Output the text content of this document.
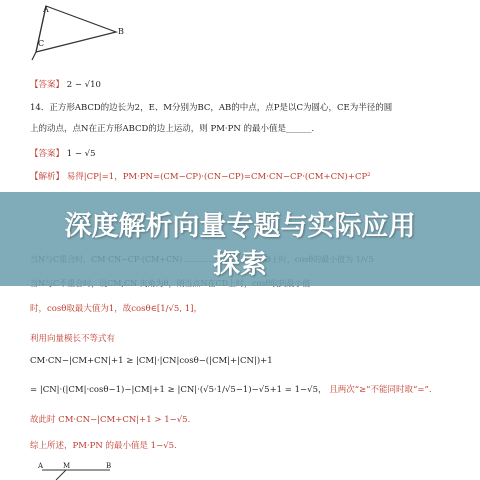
A
B
C
【答案】 2 − √10
14．正方形ABCD的边长为2，E、M分别为BC，AB的中点，点P是以C为圆心，CE为半径的圆
上的动点，点N在正方形ABCD的边上运动，则 PM·PN 的最小值是______.
【答案】 1 − √5
【解析】 易得|CP|=1，PM·PN=(CM−CP)·(CN−CP)=CM·CN−CP·(CM+CN)+CP²
时，cosθ取最大值为1，故cosθ∈[1/√5, 1]，
利用向量模长不等式有
CM·CN−|CM+CN|+1 ≥ |CM|·|CN|cosθ−(|CM|+|CN|)+1
= |CN|·(|CM|·cosθ−1)−|CM|+1 ≥ |CN|·(√5·1/√5−1)−√5+1 = 1−√5， 且两次“≥”不能同时取“=”.
故此时 CM·CN−|CM+CN|+1 > 1−√5.
综上所述，PM·PN 的最小值是 1−√5.
A	M	B
深度解析向量专题与实际应用
探索
